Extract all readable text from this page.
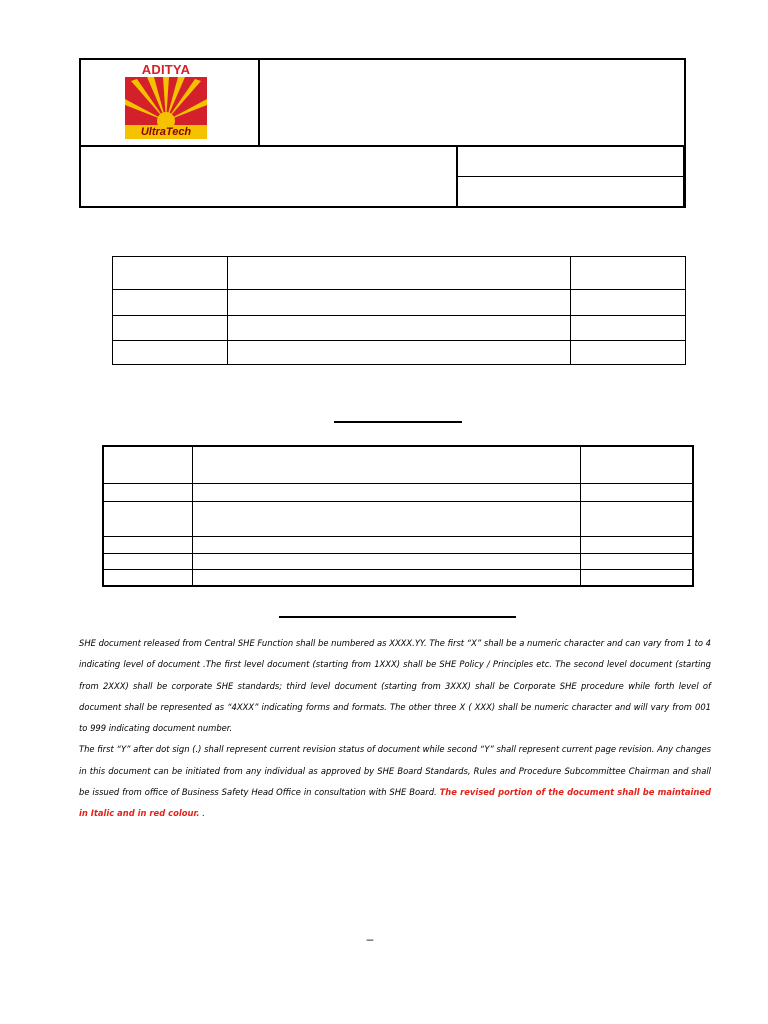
ADITYA
UltraTech

SHE document released from Central SHE Function shall be numbered as XXXX.YY. The first “X” shall be a numeric character and can vary from 1 to 4 indicating level of document .The first level document (starting from 1XXX) shall be SHE Policy / Principles etc. The second level document (starting from 2XXX) shall be corporate SHE standards; third level document (starting from 3XXX) shall be Corporate SHE procedure while forth level of document shall be represented as “4XXX” indicating forms and formats. The other three X ( XXX) shall be numeric character and will vary from 001 to 999 indicating document number.

The first “Y” after dot sign (.) shall represent current revision status of document while second “Y” shall represent current page revision. Any changes in this document can be initiated from any individual as approved by SHE Board Standards, Rules and Procedure Subcommittee Chairman and shall be issued from office of Business Safety Head Office in consultation with SHE Board. The revised portion of the document shall be maintained in Italic and in red colour. .

–
